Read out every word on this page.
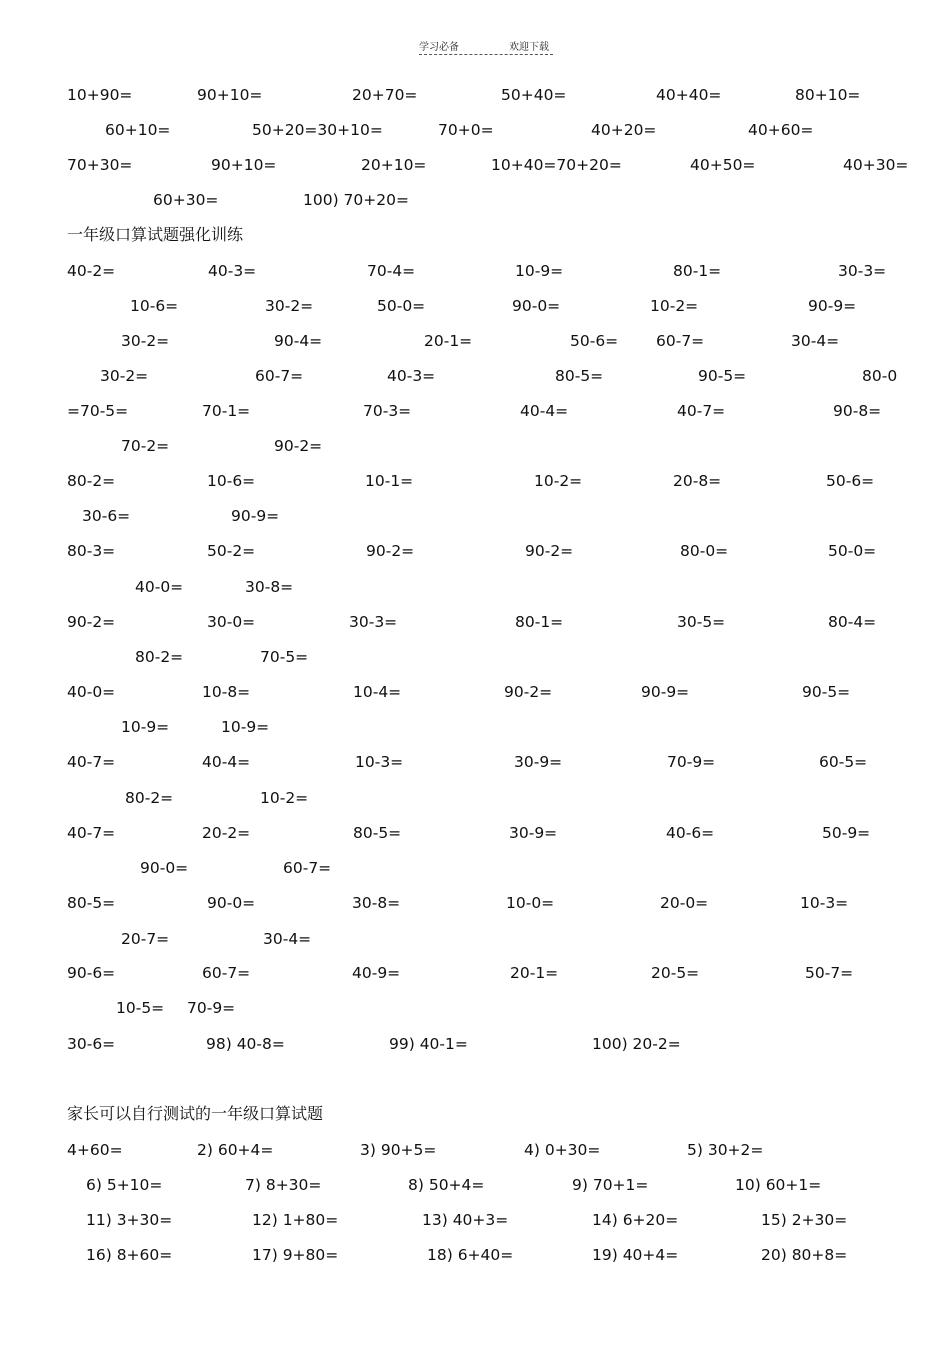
学习必备	欢迎下载
一年级口算试题强化训练
家长可以自行测试的一年级口算试题
10+90=	90+10=	20+70=	50+40=	40+40=	80+10=
60+10=	50+20=30+10=	70+0=	40+20=	40+60=
70+30=	90+10=	20+10=	10+40=70+20=	40+50=	40+30=
60+30=	100) 70+20=
40-2=	40-3=	70-4=	10-9=	80-1=	30-3=
10-6=	30-2=	50-0=	90-0=	10-2=	90-9=
30-2=	90-4=	20-1=	50-6= 60-7=	30-4=
30-2=	60-7=	40-3=	80-5=	90-5=	80-0
=70-5=	70-1=	70-3=	40-4=	40-7=	90-8=
70-2=	90-2=
80-2=	10-6=	10-1=	10-2=	20-8=	50-6=
30-6=	90-9=
80-3=	50-2=	90-2=	90-2=	80-0=	50-0=
40-0=	30-8=
90-2=	30-0=	30-3=	80-1=	30-5=	80-4=
80-2=	70-5=
40-0=	10-8=	10-4=	90-2=	90-9=	90-5=
10-9=	10-9=
40-7=	40-4=	10-3=	30-9=	70-9=	60-5=
80-2=	10-2=
40-7=	20-2=	80-5=	30-9=	40-6=	50-9=
90-0=	60-7=
80-5=	90-0=	30-8=	10-0=	20-0=	10-3=
20-7=	30-4=
90-6=	60-7=	40-9=	20-1=	20-5=	50-7=
10-5= 70-9=
30-6=	98) 40-8=	99) 40-1=	100) 20-2=
4+60=	2) 60+4=	3) 90+5=	4) 0+30=	5) 30+2=
6) 5+10=	7) 8+30=	8) 50+4=	9) 70+1=	10) 60+1=
11) 3+30=	12) 1+80=	13) 40+3=	14) 6+20=	15) 2+30=
16) 8+60=	17) 9+80=	18) 6+40=	19) 40+4=	20) 80+8=
